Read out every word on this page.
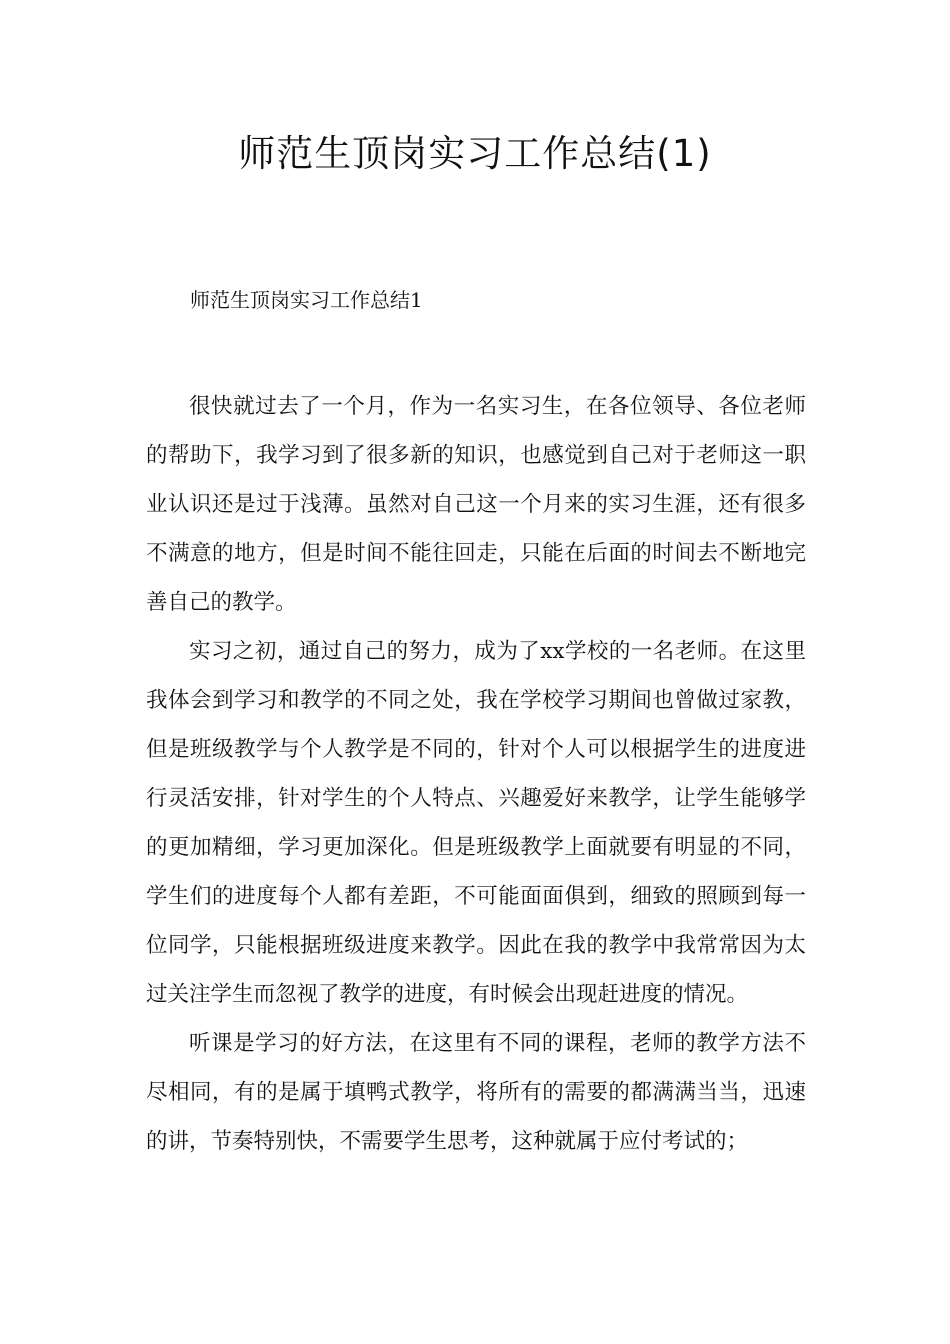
师范生顶岗实习工作总结(1)

师范生顶岗实习工作总结1

很快就过去了一个月，作为一名实习生，在各位领导、各位老师的帮助下，我学习到了很多新的知识，也感觉到自己对于老师这一职业认识还是过于浅薄。虽然对自己这一个月来的实习生涯，还有很多不满意的地方，但是时间不能往回走，只能在后面的时间去不断地完善自己的教学。

实习之初，通过自己的努力，成为了xx学校的一名老师。在这里我体会到学习和教学的不同之处，我在学校学习期间也曾做过家教，但是班级教学与个人教学是不同的，针对个人可以根据学生的进度进行灵活安排，针对学生的个人特点、兴趣爱好来教学，让学生能够学的更加精细，学习更加深化。但是班级教学上面就要有明显的不同，学生们的进度每个人都有差距，不可能面面俱到，细致的照顾到每一位同学，只能根据班级进度来教学。因此在我的教学中我常常因为太过关注学生而忽视了教学的进度，有时候会出现赶进度的情况。

听课是学习的好方法，在这里有不同的课程，老师的教学方法不尽相同，有的是属于填鸭式教学，将所有的需要的都满满当当，迅速的讲，节奏特别快，不需要学生思考，这种就属于应付考试的；
